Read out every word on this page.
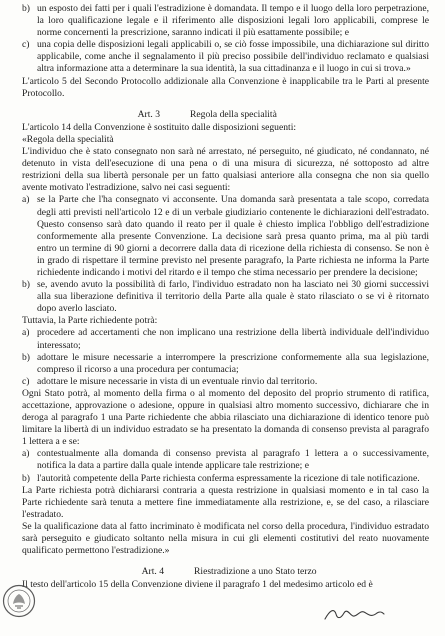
b) un esposto dei fatti per i quali l'estradizione è domandata. Il tempo e il luogo della loro perpetrazione, la loro qualificazione legale e il riferimento alle disposizioni legali loro applicabili, comprese le norme concernenti la prescrizione, saranno indicati il più esattamente possibile; e

c) una copia delle disposizioni legali applicabili o, se ciò fosse impossibile, una dichiarazione sul diritto applicabile, come anche il segnalamento il più preciso possibile dell'individuo reclamato e qualsiasi altra informazione atta a determinare la sua identità, la sua cittadinanza e il luogo in cui si trova.»

L'articolo 5 del Secondo Protocollo addizionale alla Convenzione è inapplicabile tra le Parti al presente Protocollo.

Art. 3	Regola della specialità

L'articolo 14 della Convenzione è sostituito dalle disposizioni seguenti:

«Regola della specialità

L'individuo che è stato consegnato non sarà né arrestato, né perseguito, né giudicato, né condannato, né detenuto in vista dell'esecuzione di una pena o di una misura di sicurezza, né sottoposto ad altre restrizioni della sua libertà personale per un fatto qualsiasi anteriore alla consegna che non sia quello avente motivato l'estradizione, salvo nei casi seguenti:

a) se la Parte che l'ha consegnato vi acconsente. Una domanda sarà presentata a tale scopo, corredata degli atti previsti nell'articolo 12 e di un verbale giudiziario contenente le dichiarazioni dell'estradato. Questo consenso sarà dato quando il reato per il quale è chiesto implica l'obbligo dell'estradizione conformemente alla presente Convenzione. La decisione sarà presa quanto prima, ma al più tardi entro un termine di 90 giorni a decorrere dalla data di ricezione della richiesta di consenso. Se non è in grado di rispettare il termine previsto nel presente paragrafo, la Parte richiesta ne informa la Parte richiedente indicando i motivi del ritardo e il tempo che stima necessario per prendere la decisione;

b) se, avendo avuto la possibilità di farlo, l'individuo estradato non ha lasciato nei 30 giorni successivi alla sua liberazione definitiva il territorio della Parte alla quale è stato rilasciato o se vi è ritornato dopo averlo lasciato.

Tuttavia, la Parte richiedente potrà:

a) procedere ad accertamenti che non implicano una restrizione della libertà individuale dell'individuo interessato;

b) adottare le misure necessarie a interrompere la prescrizione conformemente alla sua legislazione, compreso il ricorso a una procedura per contumacia;

c) adottare le misure necessarie in vista di un eventuale rinvio dal territorio.

Ogni Stato potrà, al momento della firma o al momento del deposito del proprio strumento di ratifica, accettazione, approvazione o adesione, oppure in qualsiasi altro momento successivo, dichiarare che in deroga al paragrafo 1 una Parte richiedente che abbia rilasciato una dichiarazione di identico tenore può limitare la libertà di un individuo estradato se ha presentato la domanda di consenso prevista al paragrafo 1 lettera a e se:

a) contestualmente alla domanda di consenso prevista al paragrafo 1 lettera a o successivamente, notifica la data a partire dalla quale intende applicare tale restrizione; e

b) l'autorità competente della Parte richiesta conferma espressamente la ricezione di tale notificazione.

La Parte richiesta potrà dichiararsi contraria a questa restrizione in qualsiasi momento e in tal caso la Parte richiedente sarà tenuta a mettere fine immediatamente alla restrizione, e, se del caso, a rilasciare l'estradato.

Se la qualificazione data al fatto incriminato è modificata nel corso della procedura, l'individuo estradato sarà perseguito e giudicato soltanto nella misura in cui gli elementi costitutivi del reato nuovamente qualificato permettono l'estradizione.»

Art. 4	Riestradizione a uno Stato terzo

Il testo dell'articolo 15 della Convenzione diviene il paragrafo 1 del medesimo articolo ed è
